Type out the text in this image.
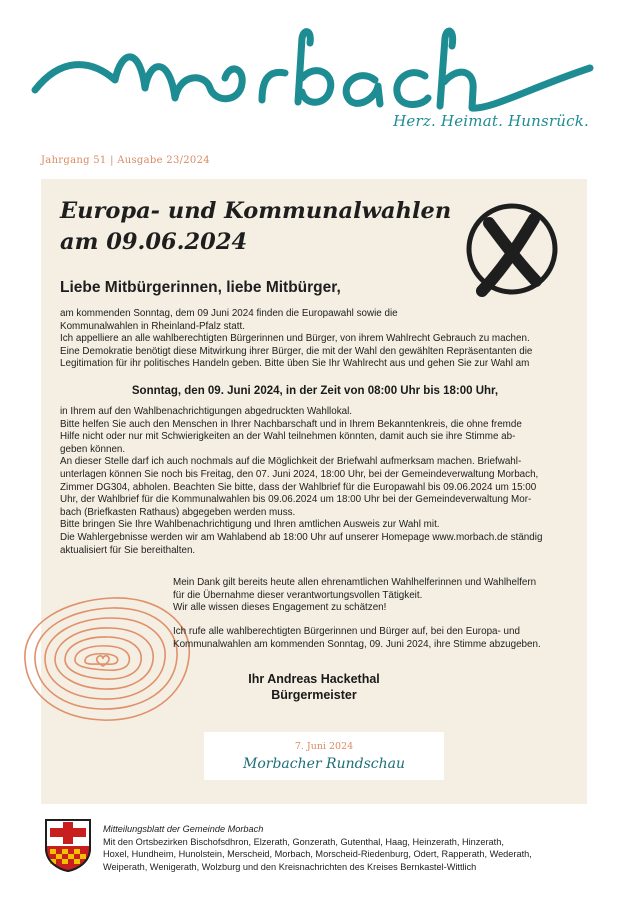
morbach
Herz. Heimat. Hunsrück.
Jahrgang 51 | Ausgabe 23/2024
Europa- und Kommunalwahlen
am 09.06.2024
Liebe Mitbürgerinnen, liebe Mitbürger,

am kommenden Sonntag, dem 09 Juni 2024 finden die Europawahl sowie die

Kommunalwahlen in Rheinland-Pfalz statt.

Ich appelliere an alle wahlberechtigten Bürgerinnen und Bürger, von ihrem Wahlrecht Gebrauch zu machen.

Eine Demokratie benötigt diese Mitwirkung ihrer Bürger, die mit der Wahl den gewählten Repräsentanten die

Legitimation für ihr politisches Handeln geben. Bitte üben Sie Ihr Wahlrecht aus und gehen Sie zur Wahl am

Sonntag, den 09. Juni 2024, in der Zeit von 08:00 Uhr bis 18:00 Uhr,

in Ihrem auf den Wahlbenachrichtigungen abgedruckten Wahllokal.

Bitte helfen Sie auch den Menschen in Ihrer Nachbarschaft und in Ihrem Bekanntenkreis, die ohne fremde

Hilfe nicht oder nur mit Schwierigkeiten an der Wahl teilnehmen könnten, damit auch sie ihre Stimme ab-

geben können.

An dieser Stelle darf ich auch nochmals auf die Möglichkeit der Briefwahl aufmerksam machen. Briefwahl-

unterlagen können Sie noch bis Freitag, den 07. Juni 2024, 18:00 Uhr, bei der Gemeindeverwaltung Morbach,

Zimmer DG304, abholen. Beachten Sie bitte, dass der Wahlbrief für die Europawahl bis 09.06.2024 um 15:00

Uhr, der Wahlbrief für die Kommunalwahlen bis 09.06.2024 um 18:00 Uhr bei der Gemeindeverwaltung Mor-

bach (Briefkasten Rathaus) abgegeben werden muss.

Bitte bringen Sie Ihre Wahlbenachrichtigung und Ihren amtlichen Ausweis zur Wahl mit.

Die Wahlergebnisse werden wir am Wahlabend ab 18:00 Uhr auf unserer Homepage www.morbach.de ständig

aktualisiert für Sie bereithalten.

Mein Dank gilt bereits heute allen ehrenamtlichen Wahlhelferinnen und Wahlhelfern

für die Übernahme dieser verantwortungsvollen Tätigkeit.

Wir alle wissen dieses Engagement zu schätzen!

Ich rufe alle wahlberechtigten Bürgerinnen und Bürger auf, bei den Europa- und

Kommunalwahlen am kommenden Sonntag, 09. Juni 2024, ihre Stimme abzugeben.

Ihr Andreas Hackethal
Bürgermeister
7. Juni 2024
Morbacher Rundschau
Mitteilungsblatt der Gemeinde Morbach
Mit den Ortsbezirken Bischofsdhron, Elzerath, Gonzerath, Gutenthal, Haag, Heinzerath, Hinzerath,
Hoxel, Hundheim, Hunolstein, Merscheid, Morbach, Morscheid-Riedenburg, Odert, Rapperath, Wederath,
Weiperath, Wenigerath, Wolzburg und den Kreisnachrichten des Kreises Bernkastel-Wittlich
